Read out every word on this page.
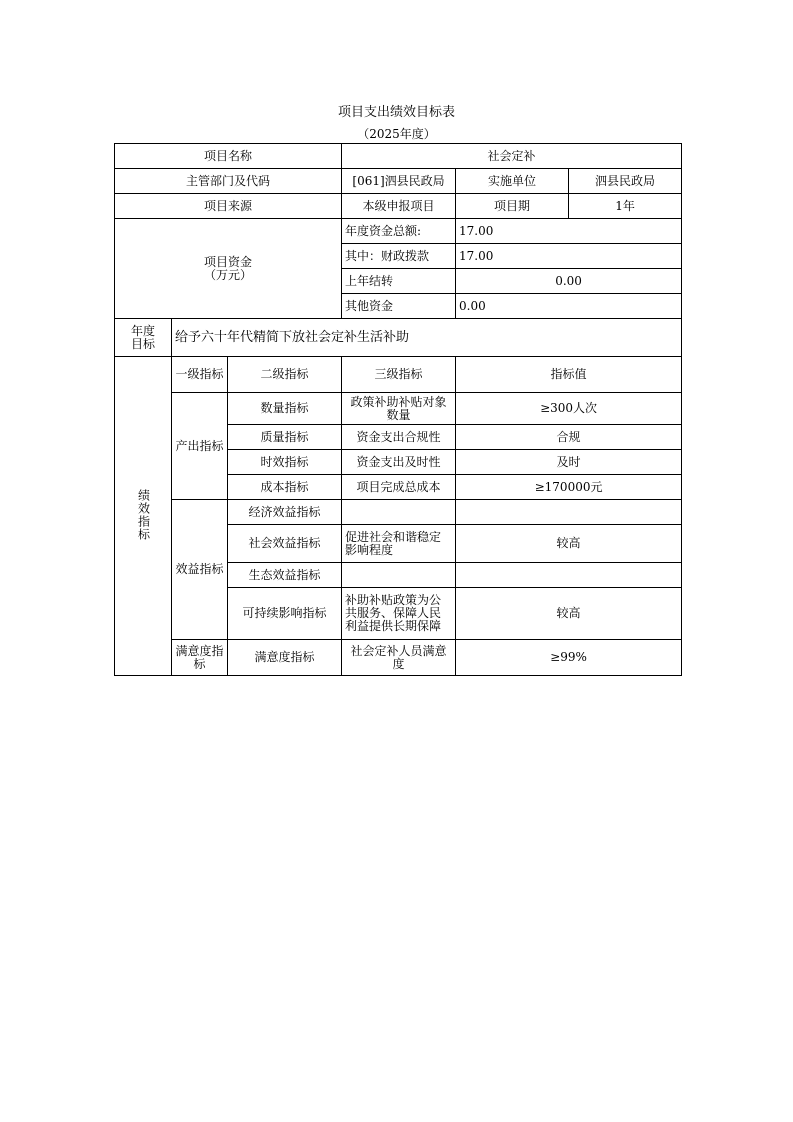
项目支出绩效目标表
（2025年度）
项目名称			社会定补		
主管部门及代码			[061]泗县民政局	实施单位	泗县民政局
项目来源			本级申报项目	项目期	1年

项目资金
（万元）			年度资金总额:	17.00	
			其中：财政拨款	17.00	
			上年结转	0.00	
			其他资金	0.00	

年度
目标	给予六十年代精简下放社会定补生活补助				
绩效指标	一级指标	二级指标	三级指标	指标值	
	产出指标	数量指标	政策补助补贴对象数量	≥300人次	
		质量指标	资金支出合规性	合规	
		时效指标	资金支出及时性	及时	
		成本指标	项目完成总成本	≥170000元	
	效益指标	经济效益指标			
		社会效益指标	促进社会和谐稳定影响程度	较高	
		生态效益指标			
		可持续影响指标	补助补贴政策为公共服务、保障人民利益提供长期保障	较高	
	满意度指标	满意度指标	社会定补人员满意度	≥99%	
